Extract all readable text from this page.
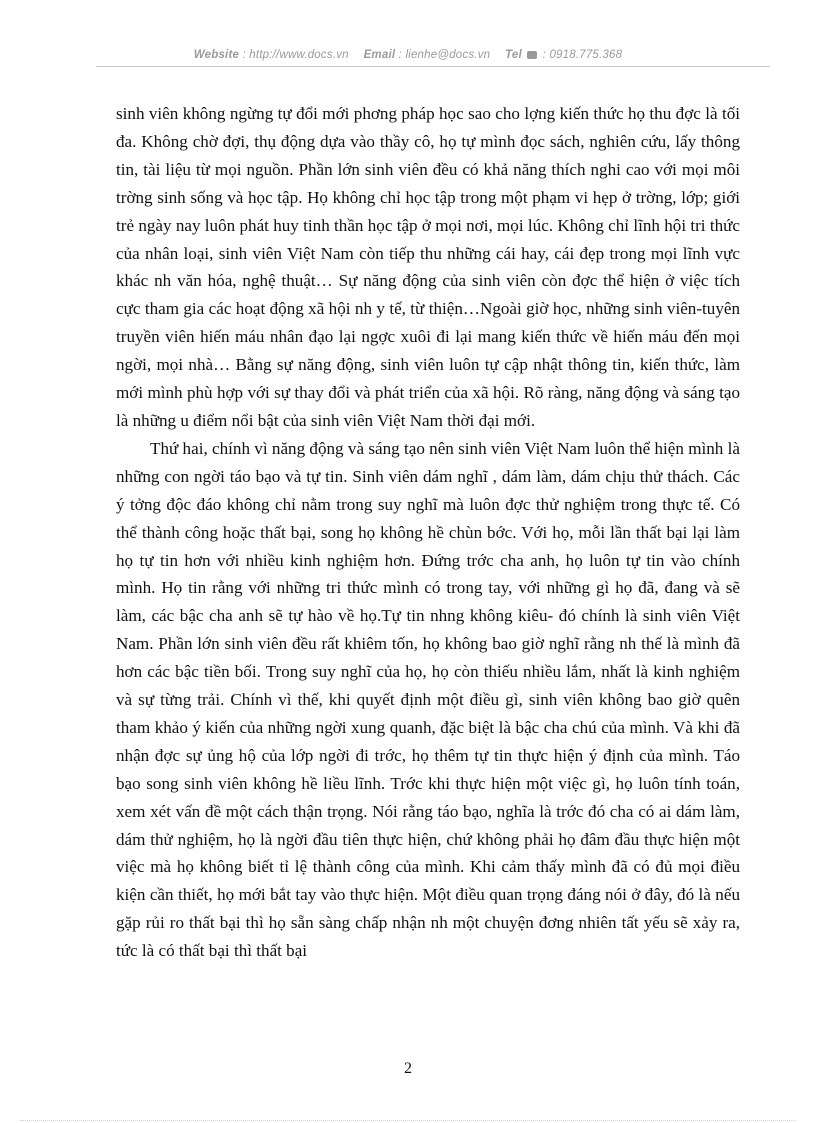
Website : http://www.docs.vn Email : lienhe@docs.vn Tel : 0918.775.368

sinh viên không ngừng tự đổi mới phơng pháp học sao cho lợng kiến thức họ thu đợc là tối đa. Không chờ đợi, thụ động dựa vào thầy cô, họ tự mình đọc sách, nghiên cứu, lấy thông tin, tài liệu từ mọi nguồn. Phần lớn sinh viên đều có khả năng thích nghi cao với mọi môi trờng sinh sống và học tập. Họ không chỉ học tập trong một phạm vi hẹp ở trờng, lớp; giới trẻ ngày nay luôn phát huy tinh thần học tập ở mọi nơi, mọi lúc. Không chỉ lĩnh hội tri thức của nhân loại, sinh viên Việt Nam còn tiếp thu những cái hay, cái đẹp trong mọi lĩnh vực khác nh văn hóa, nghệ thuật… Sự năng động của sinh viên còn đợc thể hiện ở việc tích cực tham gia các hoạt động xã hội nh y tế, từ thiện…Ngoài giờ học, những sinh viên-tuyên truyền viên hiến máu nhân đạo lại ngợc xuôi đi lại mang kiến thức về hiến máu đến mọi ngời, mọi nhà… Bằng sự năng động, sinh viên luôn tự cập nhật thông tin, kiến thức, làm mới mình phù hợp với sự thay đổi và phát triển của xã hội. Rõ ràng, năng động và sáng tạo là những u điểm nổi bật của sinh viên Việt Nam thời đại mới.

Thứ hai, chính vì năng động và sáng tạo nên sinh viên Việt Nam luôn thể hiện mình là những con ngời táo bạo và tự tin. Sinh viên dám nghĩ , dám làm, dám chịu thử thách. Các ý tởng độc đáo không chỉ nằm trong suy nghĩ mà luôn đợc thử nghiệm trong thực tế. Có thể thành công hoặc thất bại, song họ không hề chùn bớc. Với họ, mỗi lần thất bại lại làm họ tự tin hơn với nhiều kinh nghiệm hơn. Đứng trớc cha anh, họ luôn tự tin vào chính mình. Họ tin rằng với những tri thức mình có trong tay, với những gì họ đã, đang và sẽ làm, các bậc cha anh sẽ tự hào về họ.Tự tin nhng không kiêu- đó chính là sinh viên Việt Nam. Phần lớn sinh viên đều rất khiêm tốn, họ không bao giờ nghĩ rằng nh thế là mình đã hơn các bậc tiền bối. Trong suy nghĩ của họ, họ còn thiếu nhiều lắm, nhất là kinh nghiệm và sự từng trải. Chính vì thế, khi quyết định một điều gì, sinh viên không bao giờ quên tham khảo ý kiến của những ngời xung quanh, đặc biệt là bậc cha chú của mình. Và khi đã nhận đợc sự ủng hộ của lớp ngời đi trớc, họ thêm tự tin thực hiện ý định của mình. Táo bạo song sinh viên không hề liều lĩnh. Trớc khi thực hiện một việc gì, họ luôn tính toán, xem xét vấn đề một cách thận trọng. Nói rằng táo bạo, nghĩa là trớc đó cha có ai dám làm, dám thử nghiệm, họ là ngời đầu tiên thực hiện, chứ không phải họ đâm đầu thực hiện một việc mà họ không biết tỉ lệ thành công của mình. Khi cảm thấy mình đã có đủ mọi điều kiện cần thiết, họ mới bắt tay vào thực hiện. Một điều quan trọng đáng nói ở đây, đó là nếu gặp rủi ro thất bại thì họ sẵn sàng chấp nhận nh một chuyện đơng nhiên tất yếu sẽ xảy ra, tức là có thất bại thì thất bại

2
